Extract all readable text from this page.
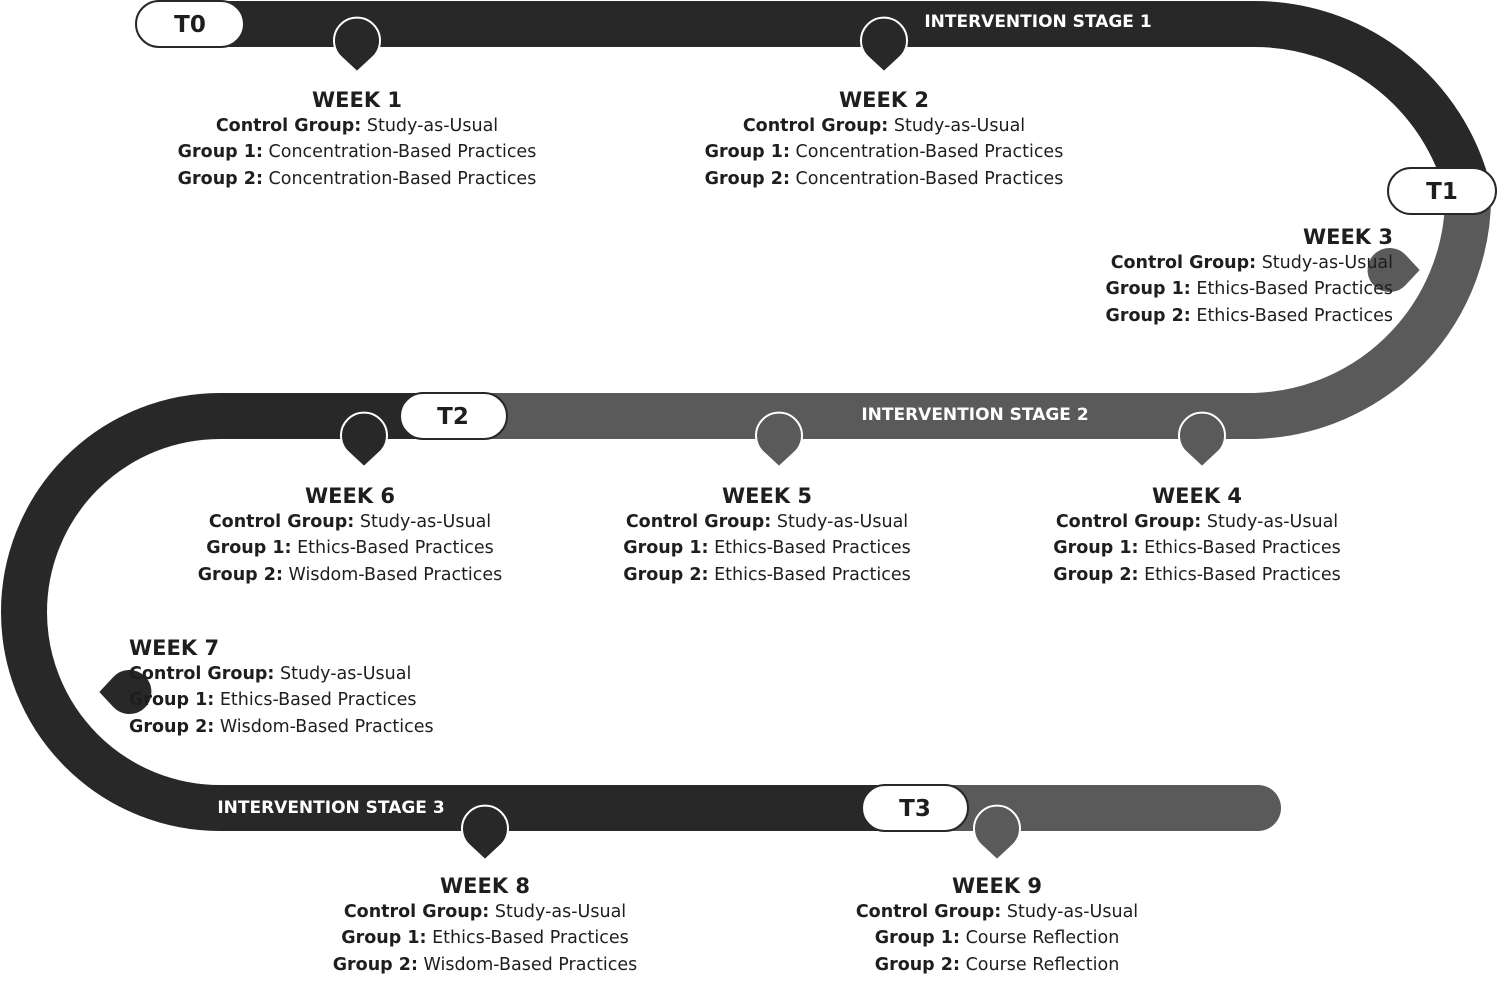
INTERVENTION STAGE 1
INTERVENTION STAGE 2
INTERVENTION STAGE 3
T0
T1
T2
T3
WEEK 1
Control Group: Study-as-Usual
Group 1: Concentration-Based Practices
Group 2: Concentration-Based Practices
WEEK 2
Control Group: Study-as-Usual
Group 1: Concentration-Based Practices
Group 2: Concentration-Based Practices
WEEK 3
Control Group: Study-as-Usual
Group 1: Ethics-Based Practices
Group 2: Ethics-Based Practices
WEEK 4
Control Group: Study-as-Usual
Group 1: Ethics-Based Practices
Group 2: Ethics-Based Practices
WEEK 5
Control Group: Study-as-Usual
Group 1: Ethics-Based Practices
Group 2: Ethics-Based Practices
WEEK 6
Control Group: Study-as-Usual
Group 1: Ethics-Based Practices
Group 2: Wisdom-Based Practices
WEEK 7
Control Group: Study-as-Usual
Group 1: Ethics-Based Practices
Group 2: Wisdom-Based Practices
WEEK 8
Control Group: Study-as-Usual
Group 1: Ethics-Based Practices
Group 2: Wisdom-Based Practices
WEEK 9
Control Group: Study-as-Usual
Group 1: Course Reflection
Group 2: Course Reflection
